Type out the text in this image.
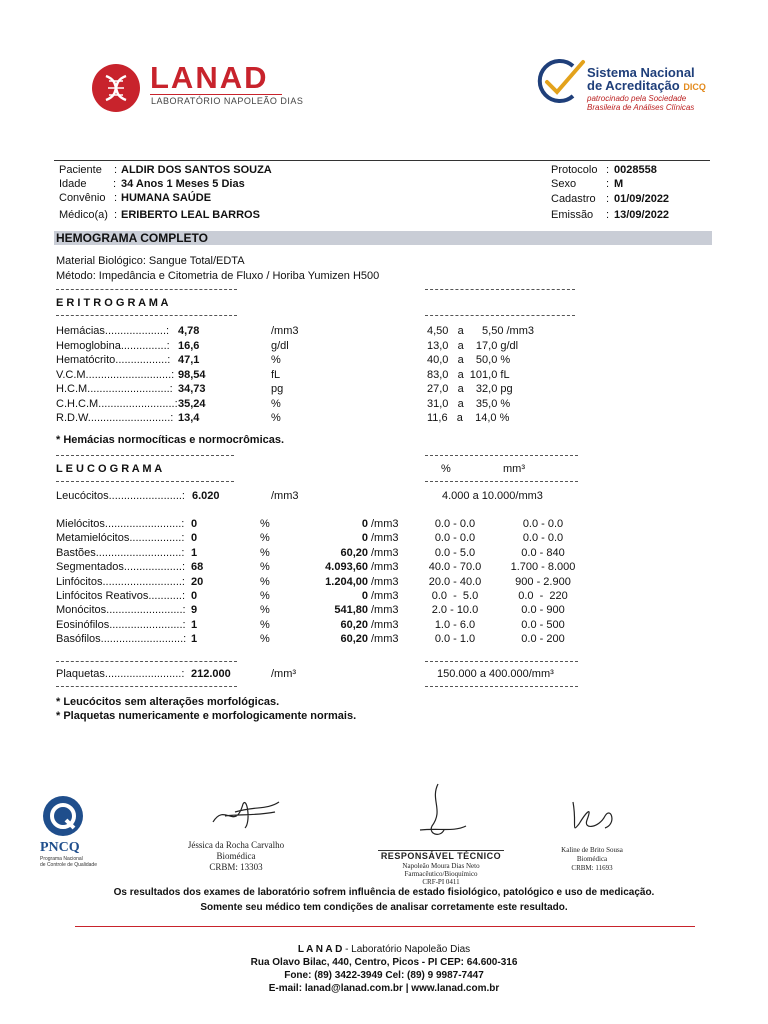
LANAD
LABORATÓRIO NAPOLEÃO DIAS
Sistema Nacional
de Acreditação DICQ
patrocinado pela Sociedade
Brasileira de Análises Clínicas
Paciente : ALDIR DOS SANTOS SOUZA
Idade : 34 Anos 1 Meses 5 Dias
Convênio : HUMANA SAÚDE
Médico(a) : ERIBERTO LEAL BARROS
Protocolo : 0028558
Sexo	: M
Cadastro : 01/09/2022
Emissão : 13/09/2022
HEMOGRAMA COMPLETO
Material Biológico: Sangue Total/EDTA
Método: Impedância e Citometria de Fluxo / Horiba Yumizen H500
E R I T R O G R A M A
Hemácias....................: 4,78	/mm3	4,50   a      5,50 /mm3
Hemoglobina...............: 16,6	g/dl	13,0   a    17,0 g/dl
Hematócrito.................: 47,1	%	40,0   a    50,0 %
V.C.M............................: 98,54	fL	83,0   a  101,0 fL
H.C.M...........................: 34,73	pg	27,0   a    32,0 pg
C.H.C.M.........................: 35,24	%	31,0   a    35,0 %
R.D.W...........................: 13,4	%	11,6   a    14,0 %
* Hemácias normocíticas e normocrômicas.
L E U C O G R A M A	%	mm³
Leucócitos........................: 6.020	/mm3	4.000 a 10.000/mm3
Mielócitos.........................: 0	%	0 /mm3	0.0 - 0.0	0.0 - 0.0
Metamielócitos.................: 0	%	0 /mm3	0.0 - 0.0	0.0 - 0.0
Bastões............................: 1	%	60,20 /mm3	0.0 - 5.0	0.0 - 840
Segmentados...................: 68	%	4.093,60 /mm3	40.0 - 70.0	1.700 - 8.000
Linfócitos..........................: 20	%	1.204,00 /mm3	20.0 - 40.0	900 - 2.900
Linfócitos Reativos...........: 0	%	0 /mm3	0.0  -  5.0	0.0  -  220
Monócitos.........................: 9	%	541,80 /mm3	2.0 - 10.0	0.0 - 900
Eosinófilos........................: 1	%	60,20 /mm3	1.0 - 6.0	0.0 - 500
Basófilos...........................: 1	%	60,20 /mm3	0.0 - 1.0	0.0 - 200
Plaquetas.........................: 212.000	/mm³	150.000 a 400.000/mm³
* Leucócitos sem alterações morfológicas.
* Plaquetas numericamente e morfologicamente normais.
PNCQ
Programa Nacional
de Controle de Qualidade
Jéssica da Rocha Carvalho
Biomédica
CRBM: 13303
RESPONSÁVEL TÉCNICO
Napoleão Moura Dias Neto
Farmacêutico/Bioquímico
CRF-PI 0411
Kaline de Brito Sousa
Biomédica
CRBM: 11693
Os resultados dos exames de laboratório sofrem influência de estado fisiológico, patológico e uso de medicação.
Somente seu médico tem condições de analisar corretamente este resultado.
L A N A D - Laboratório Napoleão Dias
Rua Olavo Bilac, 440, Centro, Picos - PI CEP: 64.600-316
Fone: (89) 3422-3949 Cel: (89) 9 9987-7447
E-mail: lanad@lanad.com.br | www.lanad.com.br
